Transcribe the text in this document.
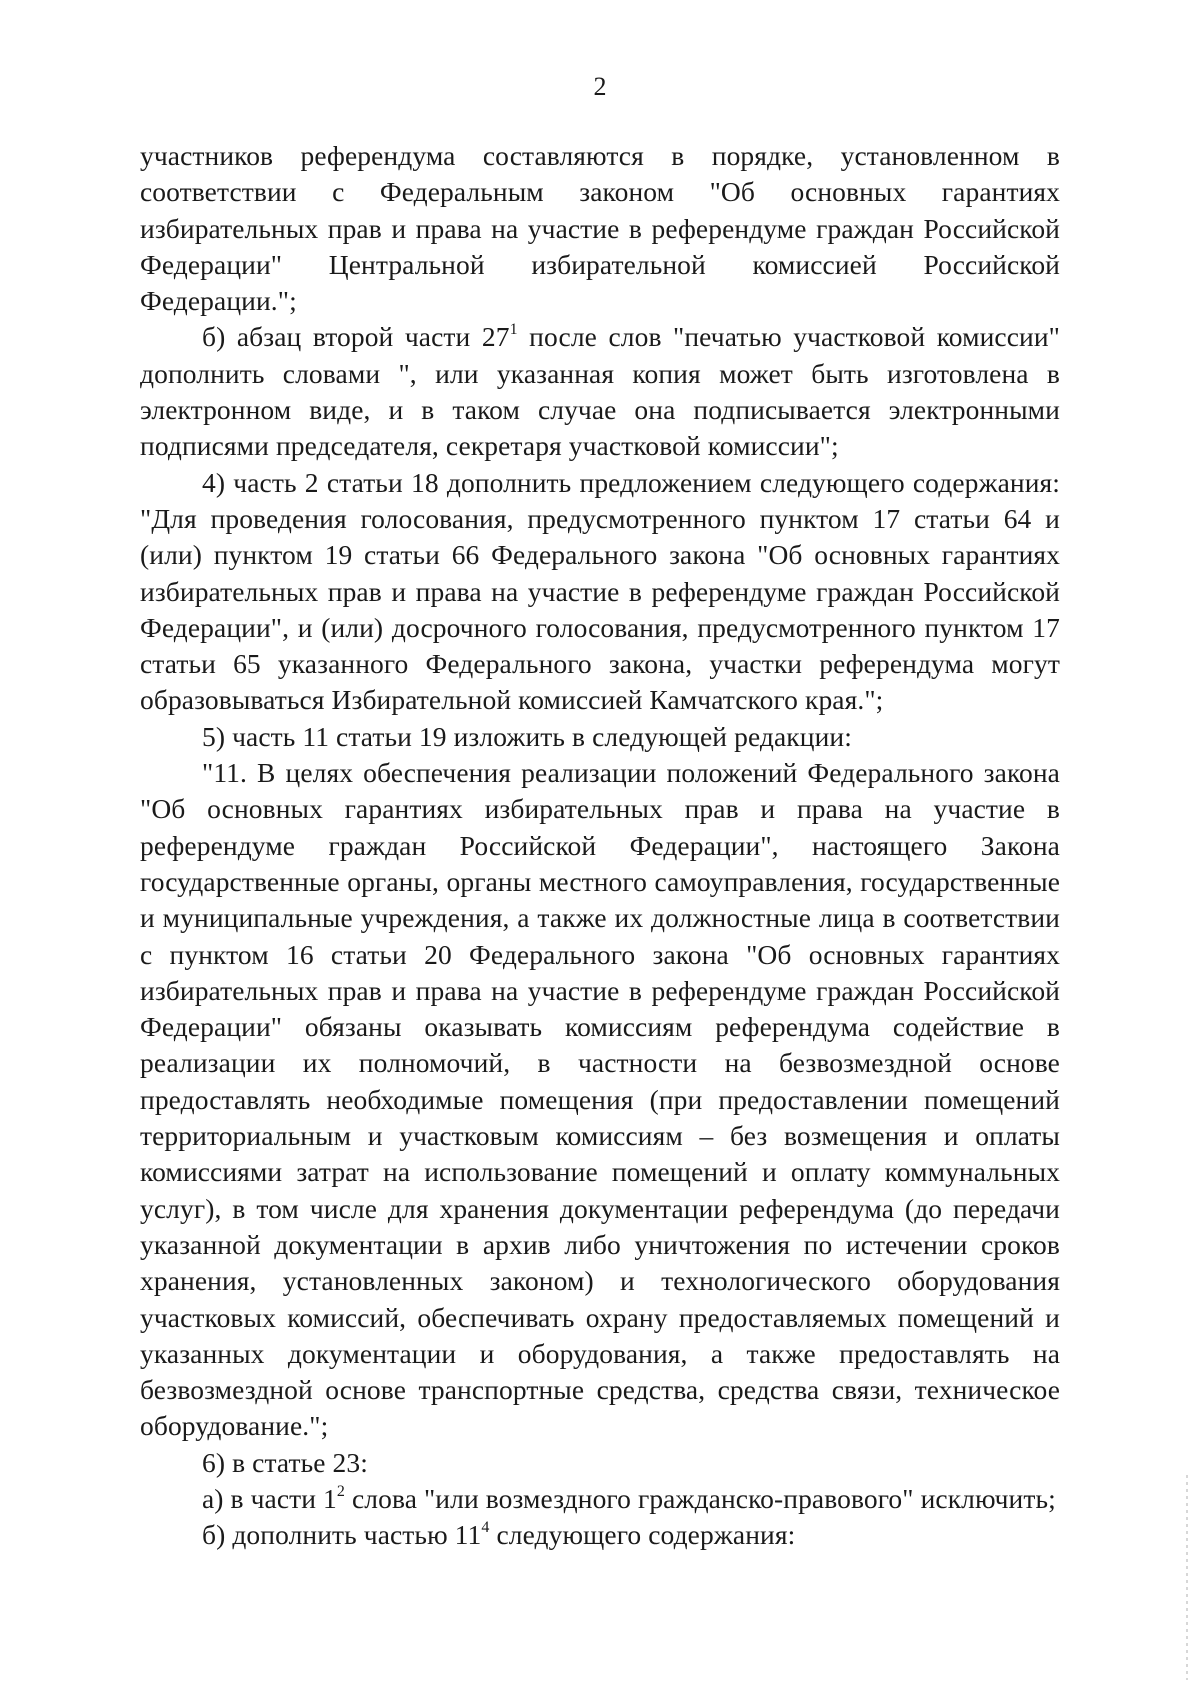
2

участников референдума составляются в порядке, установленном в соответствии с Федеральным законом "Об основных гарантиях избирательных прав и права на участие в референдуме граждан Российской Федерации" Центральной избирательной комиссией Российской Федерации.";

б) абзац второй части $27^1$ после слов "печатью участковой комиссии" дополнить словами ", или указанная копия может быть изготовлена в электронном виде, и в таком случае она подписывается электронными подписями председателя, секретаря участковой комиссии";

4) часть 2 статьи 18 дополнить предложением следующего содержания: "Для проведения голосования, предусмотренного пунктом 17 статьи 64 и (или) пунктом 19 статьи 66 Федерального закона "Об основных гарантиях избирательных прав и права на участие в референдуме граждан Российской Федерации", и (или) досрочного голосования, предусмотренного пунктом 17 статьи 65 указанного Федерального закона, участки референдума могут образовываться Избирательной комиссией Камчатского края.";

5) часть 11 статьи 19 изложить в следующей редакции:

"11. В целях обеспечения реализации положений Федерального закона "Об основных гарантиях избирательных прав и права на участие в референдуме граждан Российской Федерации", настоящего Закона государственные органы, органы местного самоуправления, государственные и муниципальные учреждения, а также их должностные лица в соответствии с пунктом 16 статьи 20 Федерального закона "Об основных гарантиях избирательных прав и права на участие в референдуме граждан Российской Федерации" обязаны оказывать комиссиям референдума содействие в реализации их полномочий, в частности на безвозмездной основе предоставлять необходимые помещения (при предоставлении помещений территориальным и участковым комиссиям – без возмещения и оплаты комиссиями затрат на использование помещений и оплату коммунальных услуг), в том числе для хранения документации референдума (до передачи указанной документации в архив либо уничтожения по истечении сроков хранения, установленных законом) и технологического оборудования участковых комиссий, обеспечивать охрану предоставляемых помещений и указанных документации и оборудования, а также предоставлять на безвозмездной основе транспортные средства, средства связи, техническое оборудование.";

6) в статье 23:

а) в части $1^2$ слова "или возмездного гражданско-правового" исключить;

б) дополнить частью $11^4$ следующего содержания:
